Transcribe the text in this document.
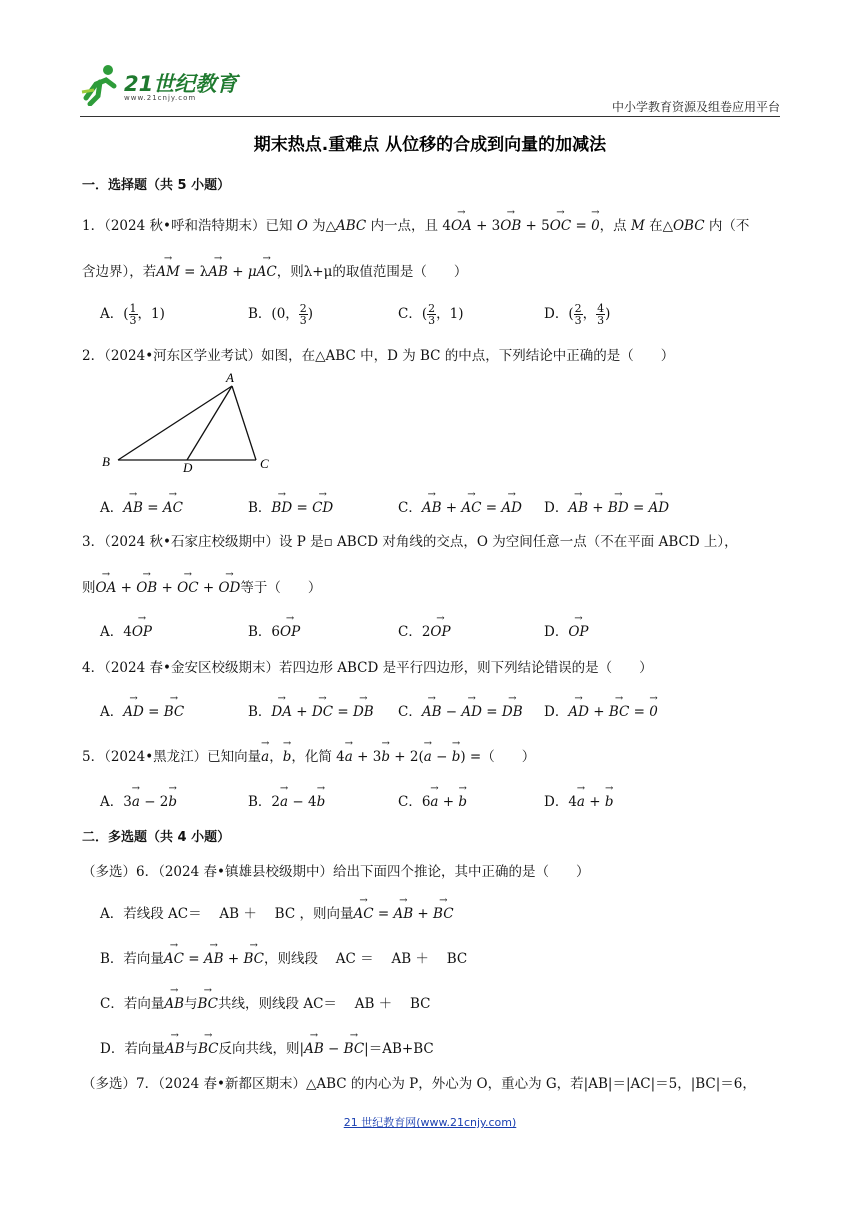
21世纪教育
www.21cnjy.com
中小学教育资源及组卷应用平台
期末热点.重难点 从位移的合成到向量的加减法
一．选择题（共 5 小题）
1．（2024 秋•呼和浩特期末）已知 O 为△ABC 内一点，且 4→ OA + 3→ OB + 5→ OC = → 0，点 M 在△OBC 内（不
含边界），若→ AM = λ→ AB + μ→ AC，则λ+μ的取值范围是（　　）
A．( $\frac{1}{3}$ ，1)	B．(0， $\frac{2}{3}$ )	C．( $\frac{2}{3}$ ，1)	D．( $\frac{2}{3}$ ， $\frac{4}{3}$ )
2．（2024•河东区学业考试）如图，在△ABC 中，D 为 BC 的中点，下列结论中正确的是（　　）
A
B	D	C
A．→ AB = → AC	B．→ BD = → CD	C．→ AB + → AC = → AD D．→ AB + → BD = → AD
3．（2024 秋•石家庄校级期中）设 P 是▫ ABCD 对角线的交点，O 为空间任意一点（不在平面 ABCD 上），
则→ OA + → OB + → OC + → OD等于（　　）
A．4→ OP	B．6→ OP	C．2→ OP	D．→ OP
4．（2024 春•金安区校级期末）若四边形 ABCD 是平行四边形，则下列结论错误的是（　　）
A．→ AD = → BC	B．→ DA + → DC = → DB C．→ AB − → AD = → DB D．→ AD + → BC = → 0
5．（2024•黑龙江）已知向量→ a，→ b，化简 4→ a + 3→ b + 2(→ a − → b) =（　　）
A．3→ a − 2→ b	B．2→ a − 4→ b	C．6→ a + → b	D．4→ a + → b
二．多选题（共 4 小题）
（多选）6．（2024 春•镇雄县校级期中）给出下面四个推论，其中正确的是（　　）
A．若线段 AC＝　 AB ＋　 BC ，则向量→ AC = → AB + → BC
B．若向量→ AC = → AB + → BC，则线段　 AC ＝　 AB ＋　 BC
C．若向量→ AB与→ BC共线，则线段 AC＝　 AB ＋　 BC
D．若向量→ AB与→ BC反向共线，则|→ AB − → BC|＝AB+BC
（多选）7．（2024 春•新都区期末）△ABC 的内心为 P，外心为 O，重心为 G，若|AB|＝|AC|＝5，|BC|＝6，
21 世纪教育网(www.21cnjy.com)
